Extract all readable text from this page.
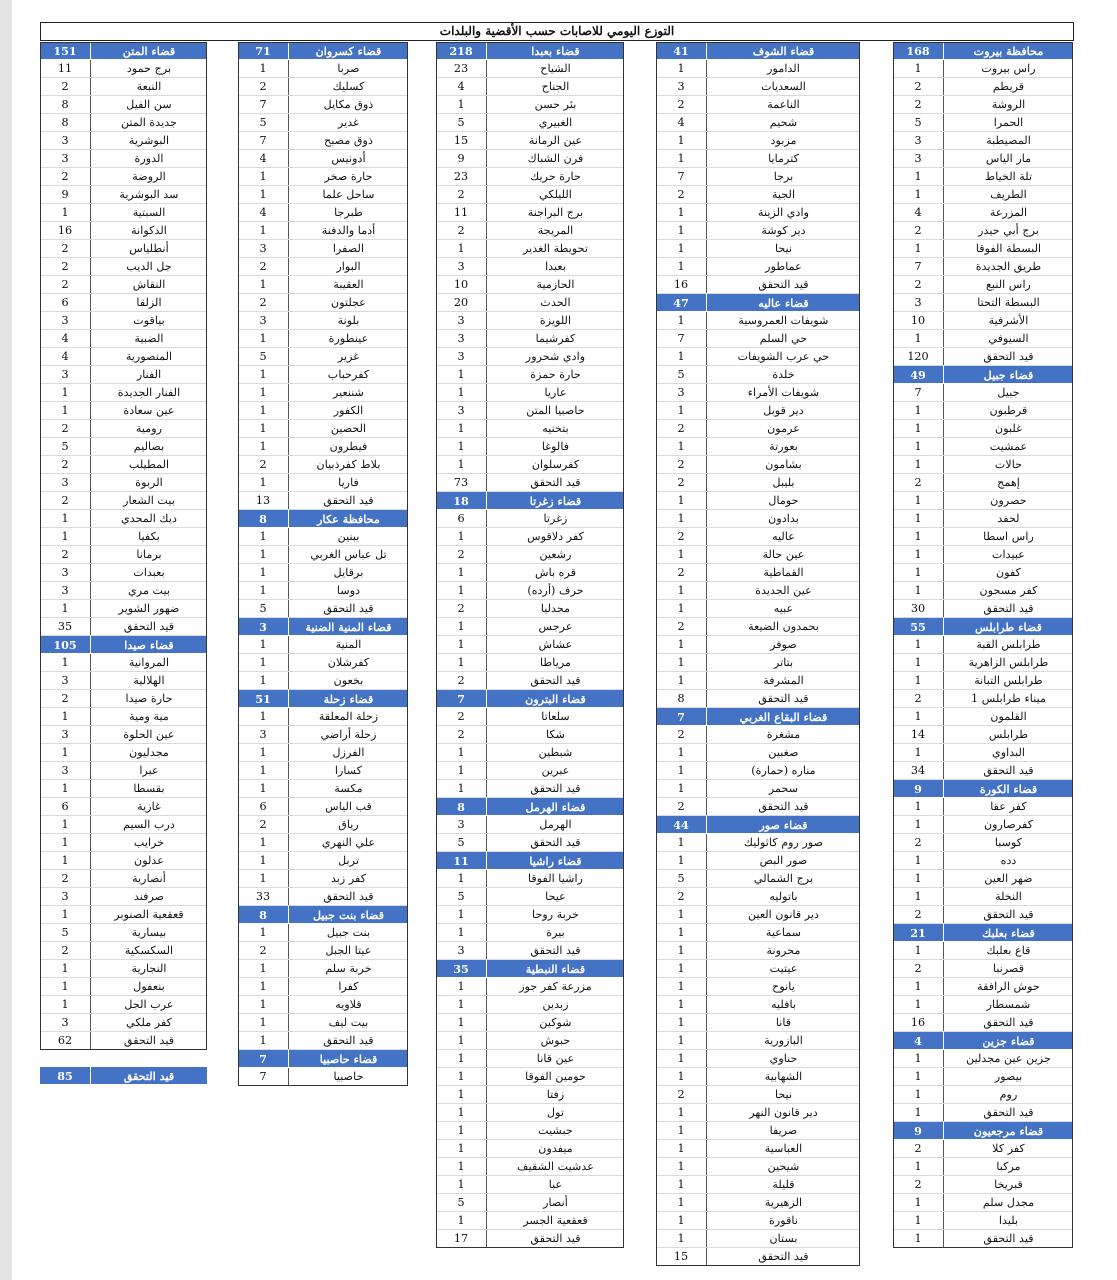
التوزع اليومي للاصابات حسب الأقضية والبلدات
168	محافظة بيروت
1	راس بيروت
2	قريطم
2	الروشة
5	الحمرا
3	المصيطبة
3	مار الياس
1	تلة الخياط
1	الطريف
4	المزرعة
2	برج أبي حيدر
1	البسطة الفوقا
7	طريق الجديدة
2	راس النبع
3	البسطة التحتا
10	الأشرفية
1	السيوفي
120	قيد التحقق
49	قضاء جبيل
7	جبيل
1	قرطبون
1	غلبون
1	عمشيت
1	حالات
2	إهمج
1	حصرون
1	لحفد
1	راس اسطا
1	عبيدات
1	كفون
1	كفر مسحون
30	قيد التحقق
55	قضاء طرابلس
1	طرابلس القبة
1	طرابلس الزاهرية
1	طرابلس التبانة
2	ميناء طرابلس 1
1	القلمون
14	طرابلس
1	البداوي
34	قيد التحقق
9	قضاء الكورة
1	كفر عقا
1	كفرصارون
2	كوسبا
1	دده
1	ضهر العين
1	النخلة
2	قيد التحقق
21	قضاء بعلبك
1	قاع بعلبك
2	قصرنبا
1	حوش الرافقة
1	شمسطار
16	قيد التحقق
4	قضاء جزين
1	جزين عين مجدلين
1	بيصور
1	روم
1	قيد التحقق
9	قضاء مرجعيون
2	كفر كلا
1	مركبا
2	قبريخا
1	مجدل سلم
1	بليدا
1	قيد التحقق
41	قضاء الشوف
1	الدامور
3	السعديات
2	الناعمة
4	شحيم
1	مزبود
1	كترمايا
7	برجا
2	الجية
1	وادي الزينة
1	دير كوشة
1	نيحا
1	عماطور
16	قيد التحقق
47	قضاء عاليه
1	شويفات العمروسية
7	حي السلم
1	حي عرب الشويفات
5	خلدة
3	شويفات الأمراء
1	دير قوبل
2	عرمون
1	بعورتة
2	بشامون
2	بليبل
1	حومال
1	بدادون
2	عاليه
1	عين حالة
2	القماطية
1	عين الجديدة
1	عبيه
2	بحمدون الضيعة
1	صوفر
1	بتاتر
1	المشرفة
8	قيد التحقق
7	قضاء البقاع الغربي
2	مشغرة
1	صغبين
1	مناره (حمارة)
1	سحمر
2	قيد التحقق
44	قضاء صور
1	صور روم كاثوليك
1	صور البص
5	برج الشمالي
2	باتوليه
1	دير قانون العين
1	سماعية
1	محرونة
1	عيتيت
1	يانوح
1	بافليه
1	قانا
1	البازورية
1	حناوي
1	الشهابية
2	نيحا
1	دير قانون النهر
1	صريفا
1	العباسية
1	شيحين
1	قليلة
1	الزهيرية
1	ناقورة
1	بستان
15	قيد التحقق
218	قضاء بعبدا
23	الشياح
4	الجناح
1	بئر حسن
5	الغبيري
15	عين الرمانة
9	فرن الشباك
23	حارة حريك
2	الليلكي
11	برج البراجنة
2	المريجة
1	تحويطة الغدير
3	بعبدا
10	الحازمية
20	الحدث
3	اللويزة
3	كفرشيما
3	وادي شحرور
1	حارة حمزة
1	عاريا
3	حاصبيا المتن
1	بتخنيه
1	فالوغا
1	كفرسلوان
73	قيد التحقق
18	قضاء زغرتا
6	زغرتا
1	كفر دلاقوس
2	رشعين
1	قره باش
1	حرف (أرده)
2	مجدليا
1	عرجس
1	عشاش
1	مرياطا
2	قيد التحقق
7	قضاء البترون
2	سلعاتا
2	شكا
1	شبطين
1	عبرين
1	قيد التحقق
8	قضاء الهرمل
3	الهرمل
5	قيد التحقق
11	قضاء راشيا
1	راشيا الفوقا
5	عيحا
1	خربة روحا
1	بيرة
3	قيد التحقق
35	قضاء النبطية
1	مزرعة كفر جوز
1	زبدين
1	شوكين
1	حبوش
1	عين قانا
1	حومين الفوقا
1	زفتا
1	تول
1	جبشيت
1	ميفدون
1	عدشيت الشقيف
1	عبا
5	أنصار
1	قعقعية الجسر
17	قيد التحقق
71	قضاء كسروان
1	صربا
2	كسليك
7	ذوق مكايل
5	غدير
7	ذوق مصبح
4	أدونيس
1	حارة صخر
1	ساحل علما
4	طبرجا
1	أدما والدفنة
3	الصفرا
2	البوار
1	العقيبة
2	عجلتون
3	بلونة
1	عينطورة
5	غزير
1	كفرحباب
1	شننعير
1	الكفور
1	الحصين
1	فيطرون
2	بلاط كفرذبيان
1	فاريا
13	قيد التحقق
8	محافظة عكار
1	ببنين
1	تل عباس الغربي
1	برقايل
1	دوسا
5	قيد التحقق
3	قضاء المنية الضنية
1	المنية
1	كفرشلان
1	بخعون
51	قضاء زحلة
1	زحلة المعلقة
3	زحلة أراضي
1	الفرزل
1	كسارا
1	مكسة
6	قب الياس
2	رياق
1	علي النهري
1	تربل
1	كفر زبد
33	قيد التحقق
8	قضاء بنت جبيل
1	بنت جبيل
2	عيتا الجبل
1	خربة سلم
1	كفرا
1	قلاويه
1	بيت ليف
1	قيد التحقق
7	قضاء حاصبيا
7	حاصبيا
151	قضاء المتن
11	برج حمود
2	النبعة
8	سن الفيل
8	جديدة المتن
3	البوشرية
3	الدورة
2	الروضة
9	سد البوشرية
1	السبتية
16	الدكوانة
2	أنطلياس
2	جل الديب
2	النقاش
6	الزلقا
3	بياقوت
4	الضبية
4	المنصورية
3	الفنار
1	الفنار الجديدة
1	عين سعادة
2	رومية
5	بصاليم
2	المطيلب
3	الربوة
2	بيت الشعار
1	ديك المحدي
1	بكفيا
2	برمانا
3	بعبدات
3	بيت مري
1	ضهور الشوير
35	قيد التحقق
105	قضاء صيدا
1	المروانية
3	الهلالية
2	حارة صيدا
1	مية ومية
3	عين الحلوة
1	مجدليون
3	عبرا
1	بقسطا
6	غازية
1	درب السيم
1	خرايب
1	عدلون
2	أنصارية
3	صرفند
1	قعقعية الصنوبر
5	بيسارية
2	السكسكية
1	النجارية
1	بنعفول
1	عرب الجل
3	كفر ملكي
62	قيد التحقق
85	قيد التحقق
